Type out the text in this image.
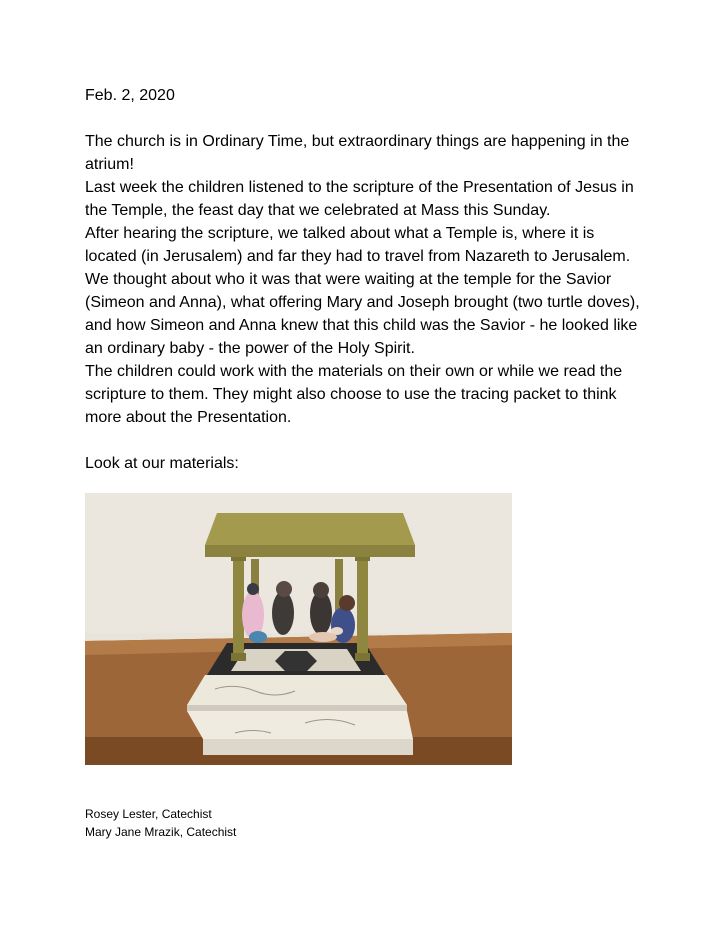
Feb. 2, 2020

The church is in Ordinary Time, but extraordinary things are happening in the atrium!
Last week the children listened to the scripture of the Presentation of Jesus in the Temple, the feast day that we celebrated at Mass this Sunday.
After hearing the scripture, we talked about what a Temple is, where it is located (in Jerusalem) and far they had to travel from Nazareth to Jerusalem. We thought about who it was that were waiting at the temple for the Savior (Simeon and Anna), what offering Mary and Joseph brought (two turtle doves), and how Simeon and Anna knew that this child was the Savior - he looked like an ordinary baby - the power of the Holy Spirit.
The children could work with the materials on their own or while we read the scripture to them. They might also choose to use the tracing packet to think more about the Presentation.

Look at our materials:

Rosey Lester, Catechist
Mary Jane Mrazik, Catechist
